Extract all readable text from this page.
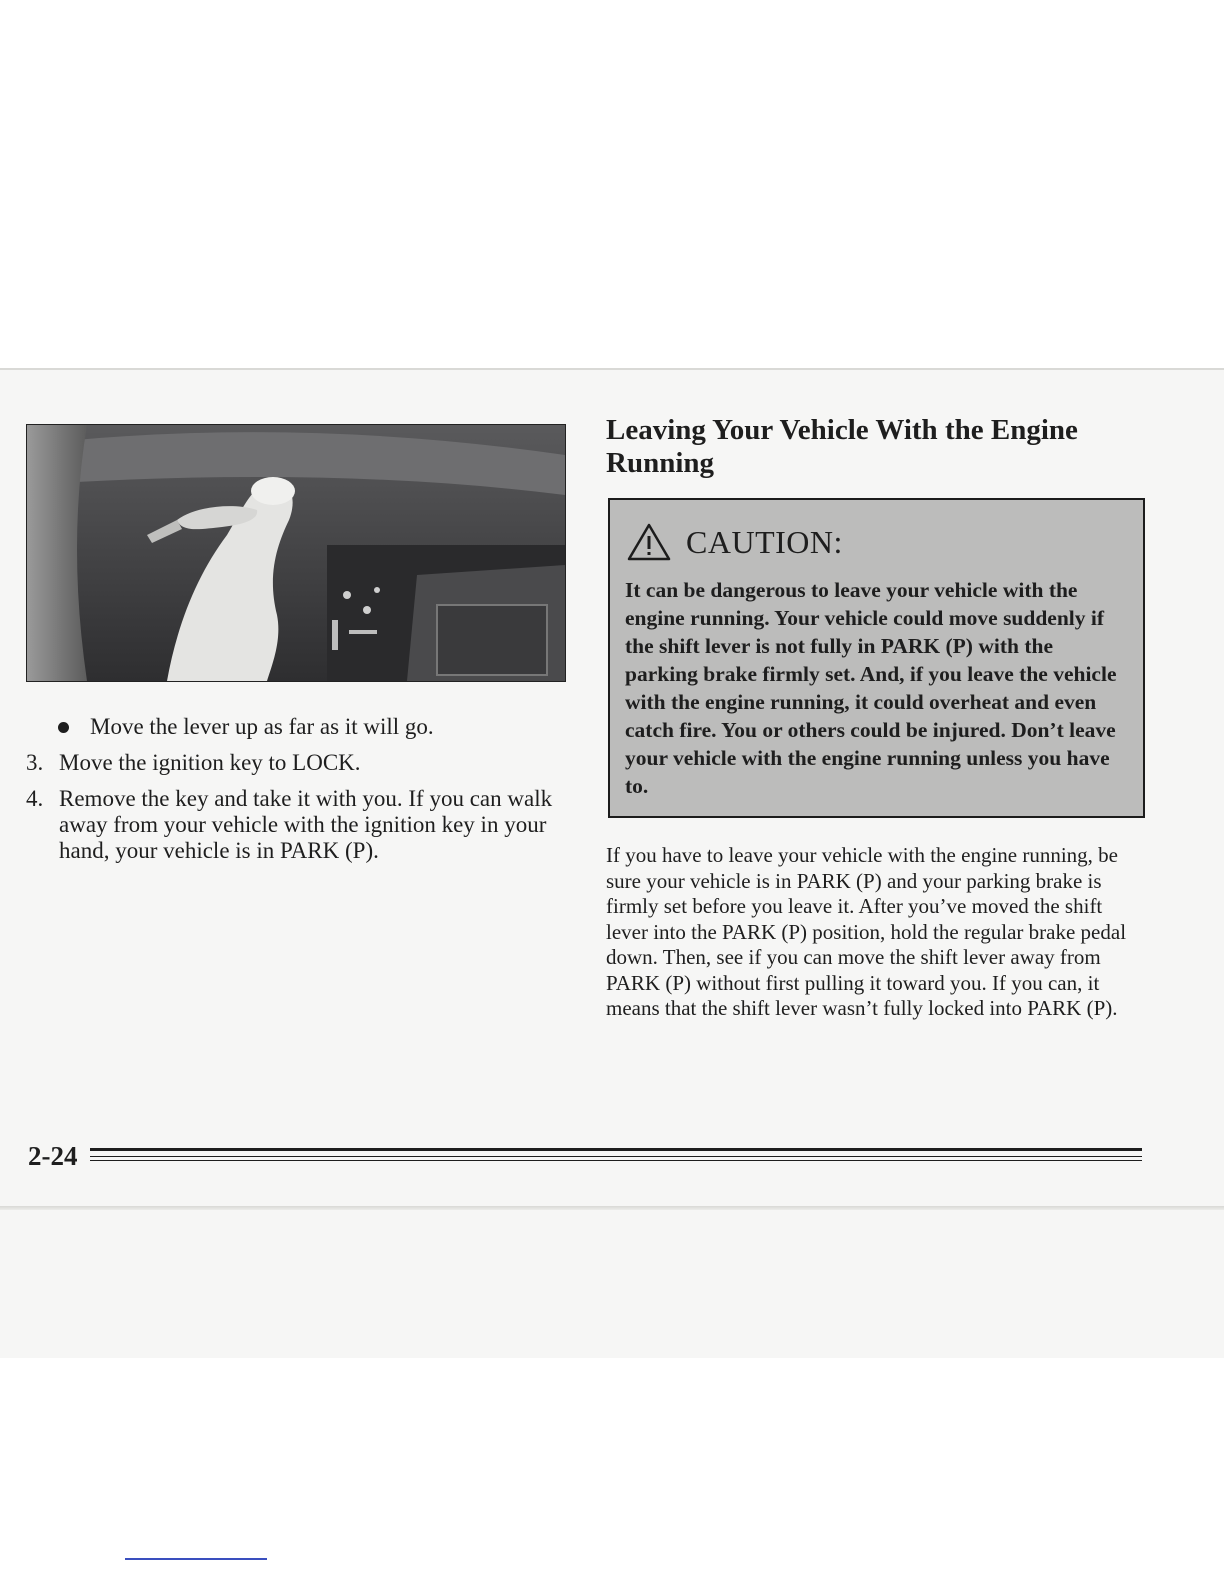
Move the lever up as far as it will go.
3. Move the ignition key to LOCK.
4. Remove the key and take it with you. If you can walk away from your vehicle with the ignition key in your hand, your vehicle is in PARK (P).
Leaving Your Vehicle With the Engine Running
CAUTION:

It can be dangerous to leave your vehicle with the engine running. Your vehicle could move suddenly if the shift lever is not fully in PARK (P) with the parking brake firmly set. And, if you leave the vehicle with the engine running, it could overheat and even catch fire. You or others could be injured. Don’t leave your vehicle with the engine running unless you have to.

If you have to leave your vehicle with the engine running, be sure your vehicle is in PARK (P) and your parking brake is firmly set before you leave it. After you’ve moved the shift lever into the PARK (P) position, hold the regular brake pedal down. Then, see if you can move the shift lever away from PARK (P) without first pulling it toward you. If you can, it means that the shift lever wasn’t fully locked into PARK (P).

2-24
